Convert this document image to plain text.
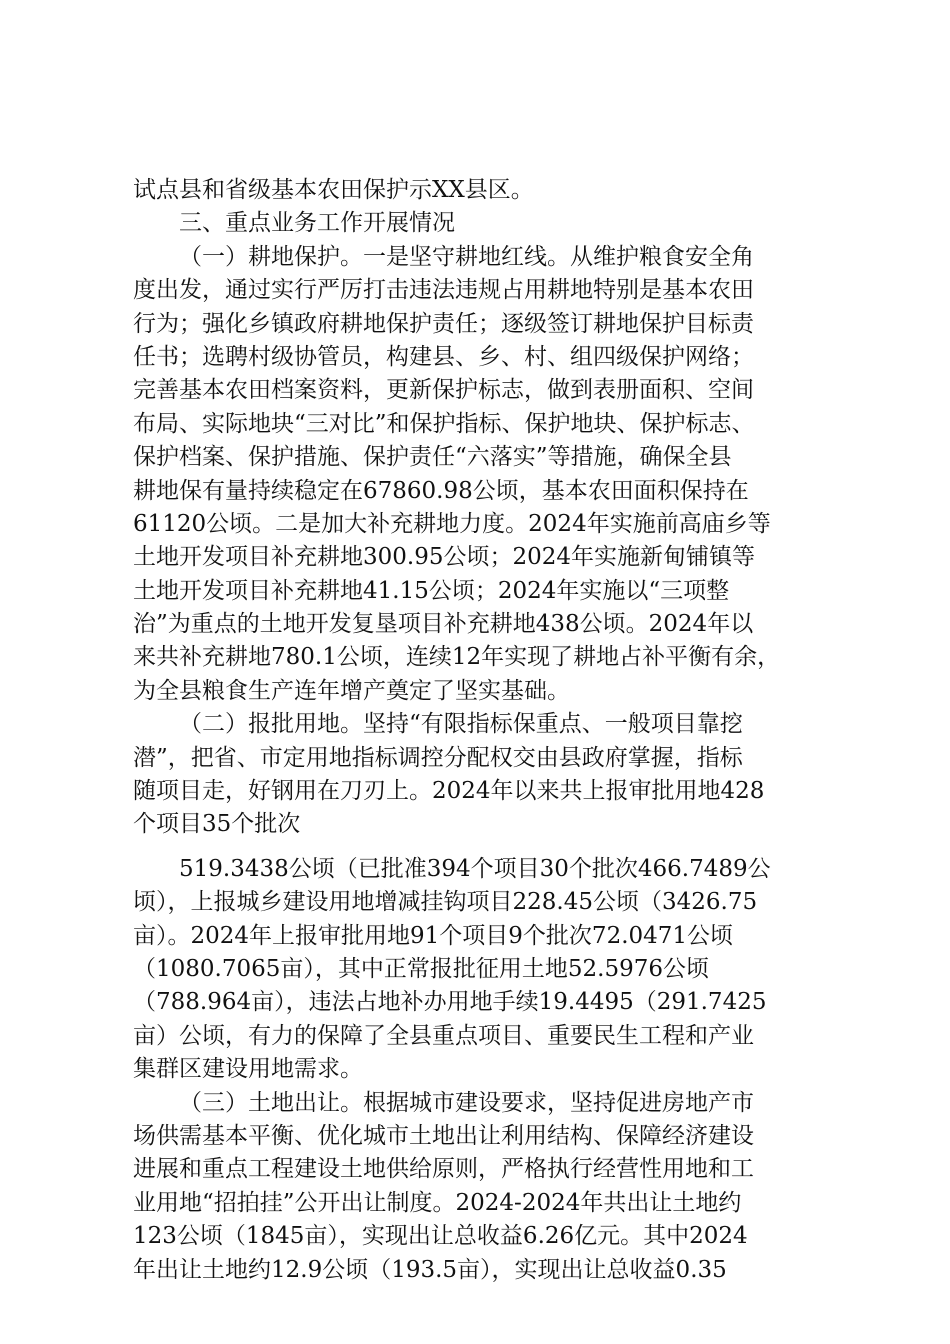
试点县和省级基本农田保护示XX县区。
三、重点业务工作开展情况
（一）耕地保护。一是坚守耕地红线。从维护粮食安全角
度出发，通过实行严厉打击违法违规占用耕地特别是基本农田
行为；强化乡镇政府耕地保护责任；逐级签订耕地保护目标责
任书；选聘村级协管员，构建县、乡、村、组四级保护网络；
完善基本农田档案资料，更新保护标志，做到表册面积、空间
布局、实际地块“三对比”和保护指标、保护地块、保护标志、
保护档案、保护措施、保护责任“六落实”等措施，确保全县
耕地保有量持续稳定在67860.98公顷，基本农田面积保持在
61120公顷。二是加大补充耕地力度。2024年实施前高庙乡等
土地开发项目补充耕地300.95公顷；2024年实施新甸铺镇等
土地开发项目补充耕地41.15公顷；2024年实施以“三项整
治”为重点的土地开发复垦项目补充耕地438公顷。2024年以
来共补充耕地780.1公顷，连续12年实现了耕地占补平衡有余，
为全县粮食生产连年增产奠定了坚实基础。
（二）报批用地。坚持“有限指标保重点、一般项目靠挖
潜”，把省、市定用地指标调控分配权交由县政府掌握，指标
随项目走，好钢用在刀刃上。2024年以来共上报审批用地428
个项目35个批次
519.3438公顷（已批准394个项目30个批次466.7489公
顷），上报城乡建设用地增减挂钩项目228.45公顷（3426.75
亩）。2024年上报审批用地91个项目9个批次72.0471公顷
（1080.7065亩），其中正常报批征用土地52.5976公顷
（788.964亩），违法占地补办用地手续19.4495（291.7425
亩）公顷，有力的保障了全县重点项目、重要民生工程和产业
集群区建设用地需求。
（三）土地出让。根据城市建设要求，坚持促进房地产市
场供需基本平衡、优化城市土地出让利用结构、保障经济建设
进展和重点工程建设土地供给原则，严格执行经营性用地和工
业用地“招拍挂”公开出让制度。2024-2024年共出让土地约
123公顷（1845亩），实现出让总收益6.26亿元。其中2024
年出让土地约12.9公顷（193.5亩），实现出让总收益0.35
